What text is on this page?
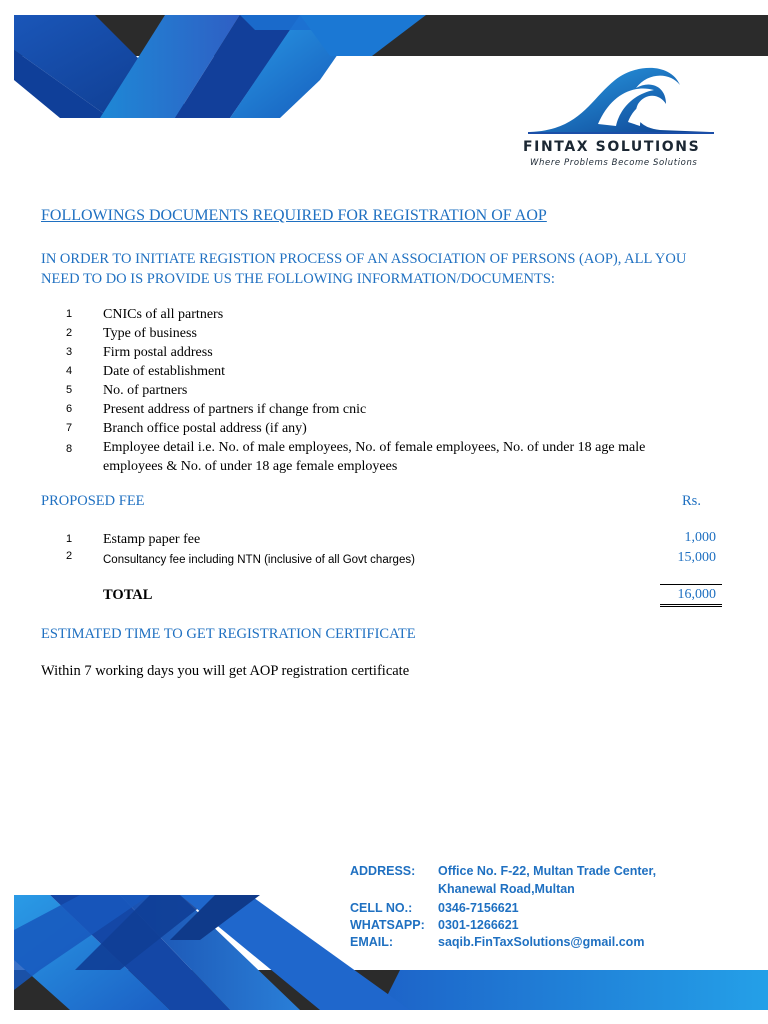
FINTAX SOLUTIONS
Where Problems Become Solutions
FOLLOWINGS DOCUMENTS REQUIRED FOR REGISTRATION OF AOP
IN ORDER TO INITIATE REGISTION PROCESS OF AN ASSOCIATION OF PERSONS (AOP), ALL YOU NEED TO DO IS PROVIDE US THE FOLLOWING INFORMATION/DOCUMENTS:
1 CNICs of all partners
2 Type of business
3 Firm postal address
4 Date of establishment
5 No. of partners
6 Present address of partners if change from cnic
7 Branch office postal address (if any)
8 Employee detail i.e. No. of male employees, No. of female employees, No. of under 18 age male employees & No. of under 18 age female employees
PROPOSED FEE	Rs.
1 Estamp paper fee	1,000
2	Consultancy fee including NTN (inclusive of all Govt charges)	15,000
TOTAL	16,000
ESTIMATED TIME TO GET REGISTRATION CERTIFICATE
Within 7 working days you will get AOP registration certificate
ADDRESS: Office No. F-22, Multan Trade Center,
Khanewal Road,Multan
CELL NO.: 0346-7156621
WHATSAPP: 0301-1266621
EMAIL:	saqib.FinTaxSolutions@gmail.com
